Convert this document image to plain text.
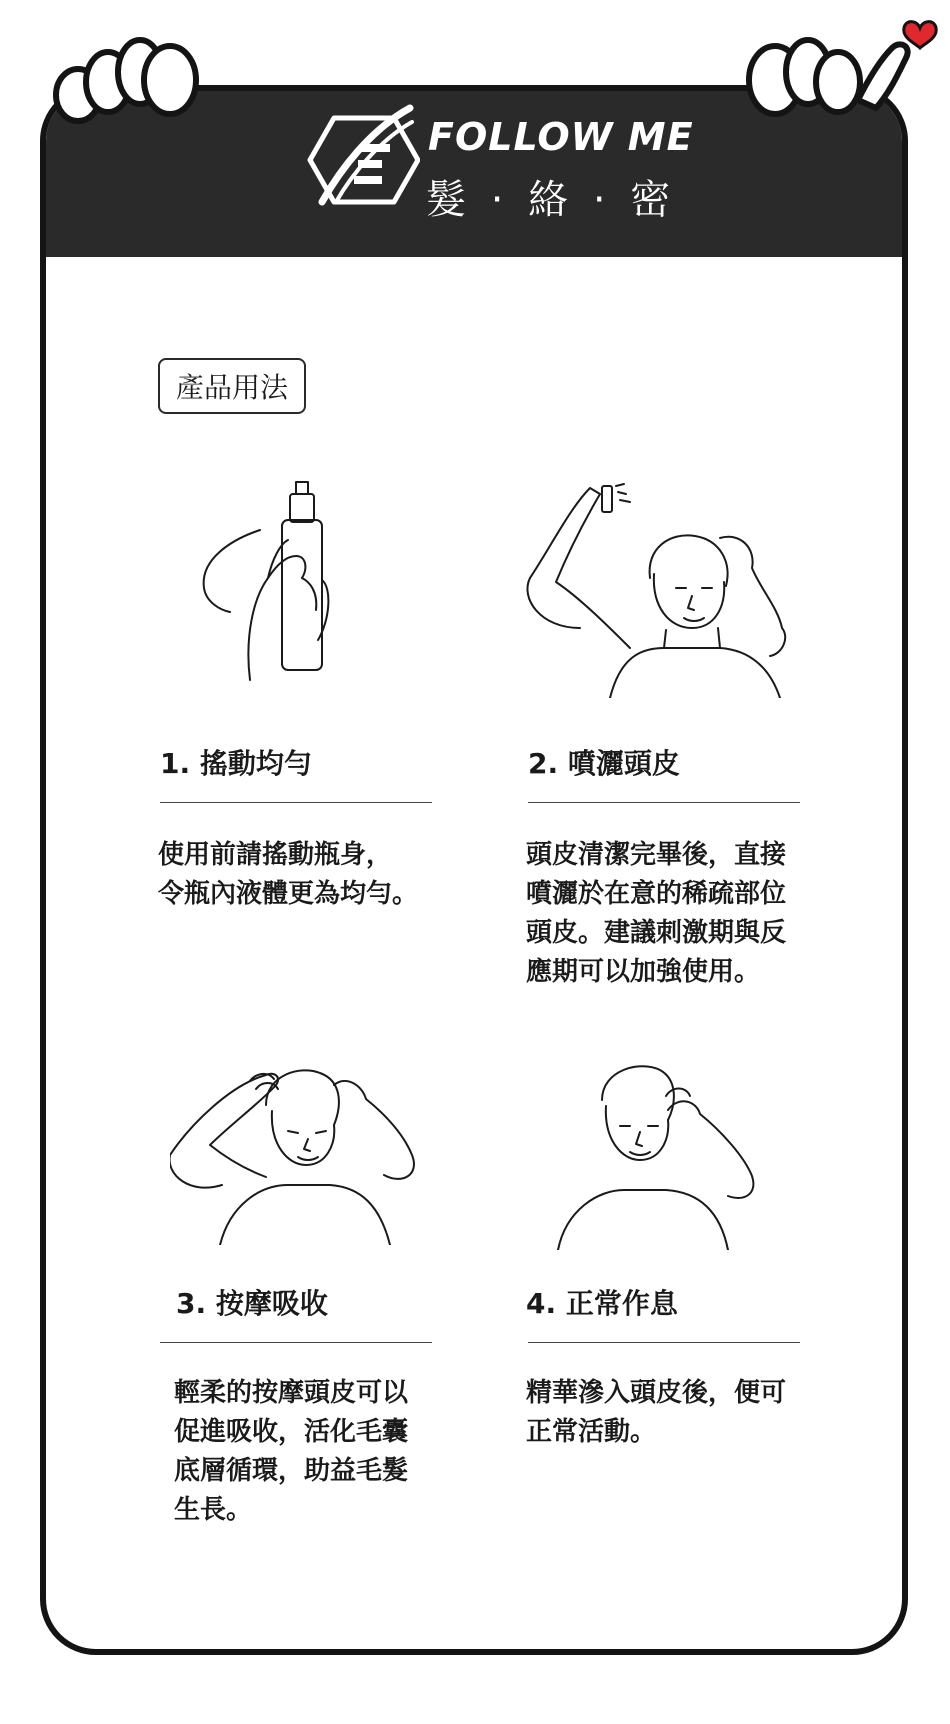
FOLLOW ME
髮 · 絡 · 密
產品用法
1. 搖動均勻
使用前請搖動瓶身，
令瓶內液體更為均勻。
2. 噴灑頭皮
頭皮清潔完畢後，直接
噴灑於在意的稀疏部位
頭皮。建議刺激期與反
應期可以加強使用。
3. 按摩吸收
輕柔的按摩頭皮可以
促進吸收，活化毛囊
底層循環，助益毛髮
生長。
4. 正常作息
精華滲入頭皮後，便可
正常活動。
